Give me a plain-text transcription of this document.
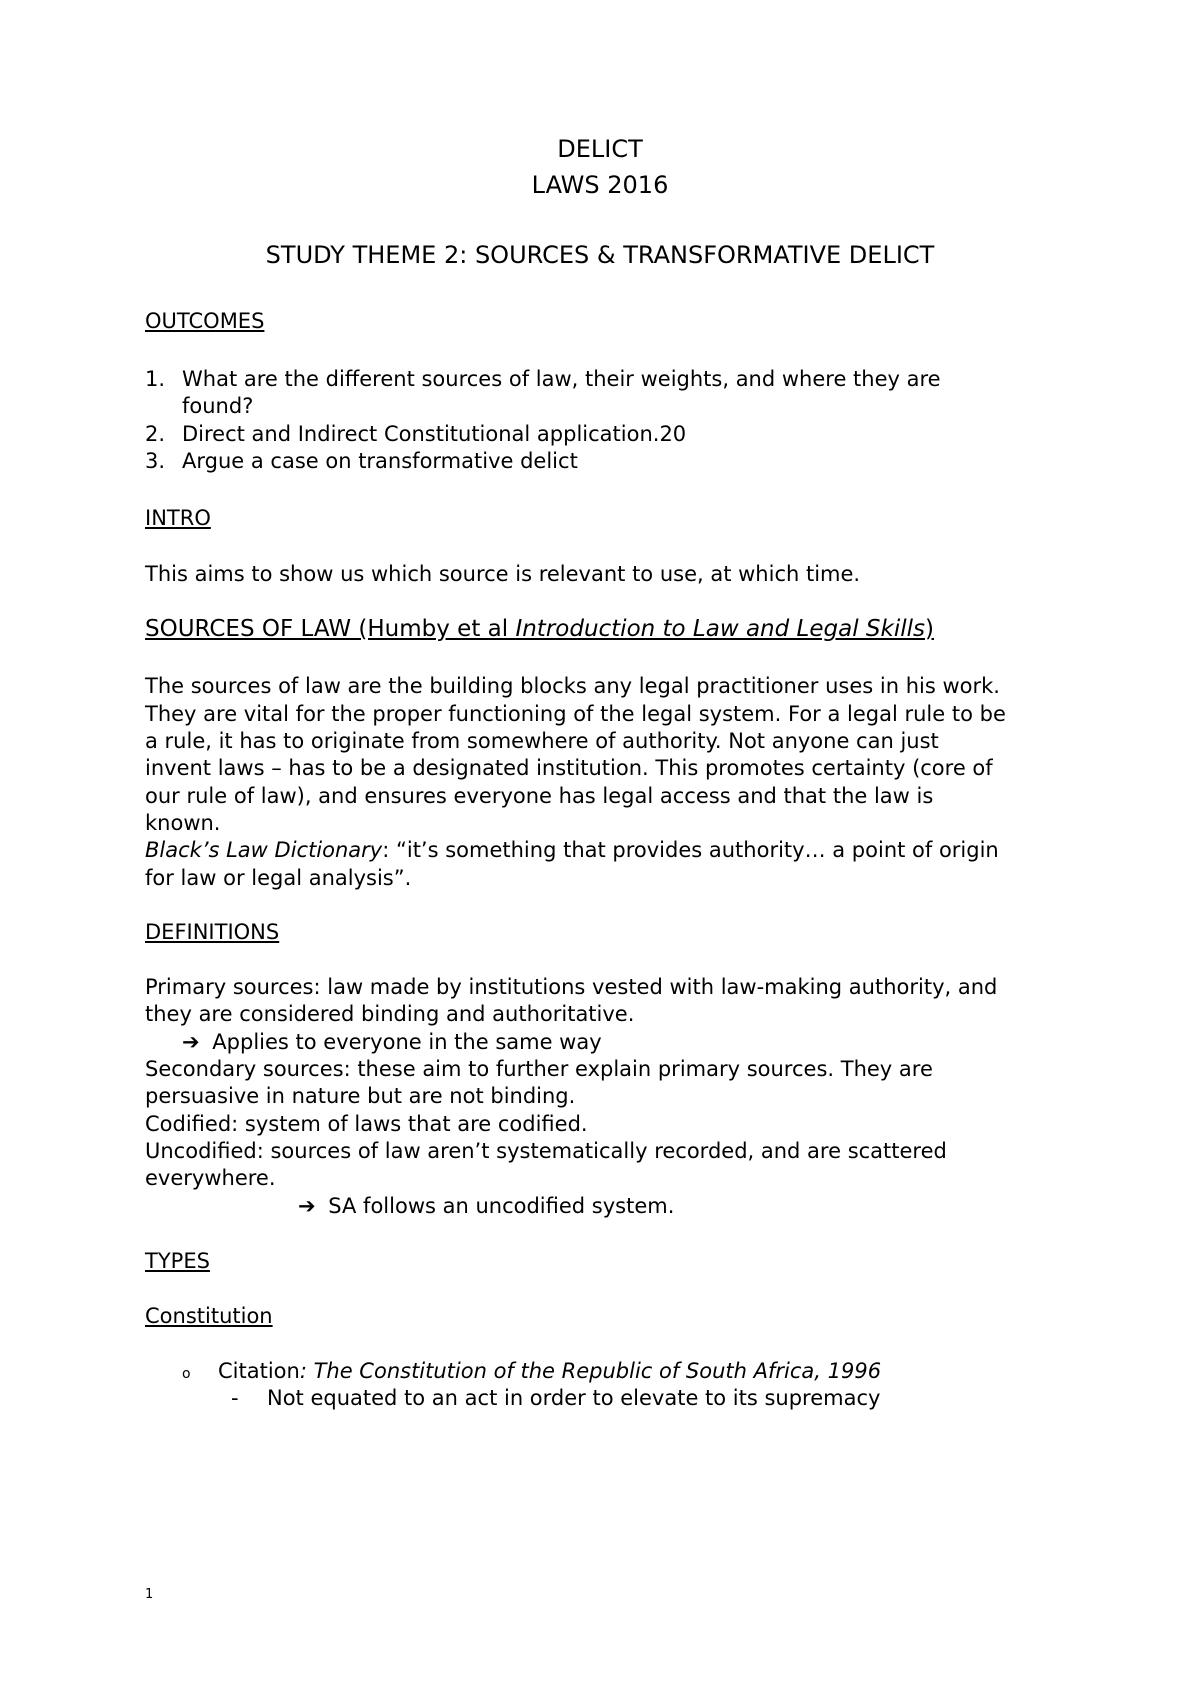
DELICT
LAWS 2016
STUDY THEME 2: SOURCES & TRANSFORMATIVE DELICT
OUTCOMES
1. What are the different sources of law, their weights, and where they are
found?
2. Direct and Indirect Constitutional application.20
3. Argue a case on transformative delict
INTRO
This aims to show us which source is relevant to use, at which time.
SOURCES OF LAW (Humby et al Introduction to Law and Legal Skills)
The sources of law are the building blocks any legal practitioner uses in his work.
They are vital for the proper functioning of the legal system. For a legal rule to be
a rule, it has to originate from somewhere of authority. Not anyone can just
invent laws – has to be a designated institution. This promotes certainty (core of
our rule of law), and ensures everyone has legal access and that the law is
known.
Black’s Law Dictionary: “it’s something that provides authority… a point of origin
for law or legal analysis”.
DEFINITIONS
Primary sources: law made by institutions vested with law-making authority, and
they are considered binding and authoritative.
➔ Applies to everyone in the same way
Secondary sources: these aim to further explain primary sources. They are
persuasive in nature but are not binding.
Codified: system of laws that are codified.
Uncodified: sources of law aren’t systematically recorded, and are scattered
everywhere.
➔ SA follows an uncodified system.
TYPES
Constitution
o Citation: The Constitution of the Republic of South Africa, 1996
- Not equated to an act in order to elevate to its supremacy
1
